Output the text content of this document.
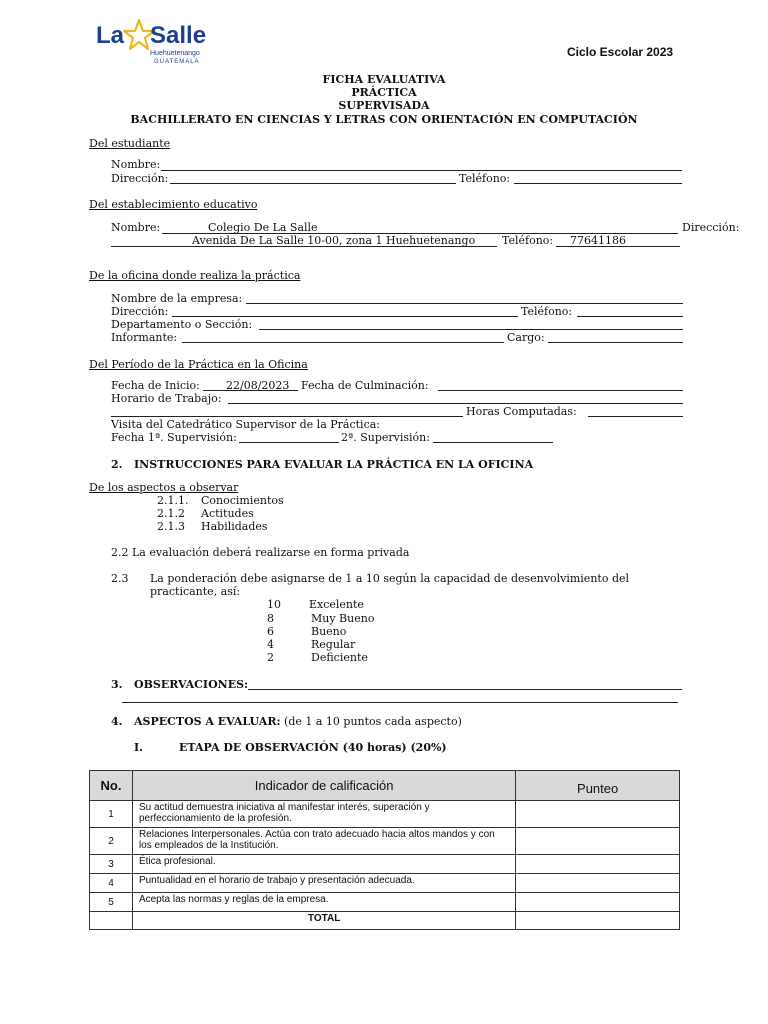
La Salle
Huehuetenango
GUATEMALA
Ciclo Escolar 2023
FICHA EVALUATIVA
PRÁCTICA
SUPERVISADA
BACHILLERATO EN CIENCIAS Y LETRAS CON ORIENTACIÓN EN COMPUTACIÓN
Del estudiante
Nombre:
Dirección:	Teléfono:
Del establecimiento educativo
Nombre:	Colegio De La Salle	Dirección:
Avenida De La Salle 10-00, zona 1 Huehuetenango Teléfono: 77641186
De la oficina donde realiza la práctica
Nombre de la empresa:
Dirección:	Teléfono:
Departamento o Sección:
Informante:	Cargo:
Del Período de la Práctica en la Oficina
Fecha de Inicio: 22/08/2023 Fecha de Culminación:
Horario de Trabajo:
Horas Computadas:
Visita del Catedrático Supervisor de la Práctica:
Fecha 1ª. Supervisión:	2ª. Supervisión:
2. INSTRUCCIONES PARA EVALUAR LA PRÁCTICA EN LA OFICINA
De los aspectos a observar
2.1.1. Conocimientos
2.1.2 Actitudes
2.1.3 Habilidades
2.2 La evaluación deberá realizarse en forma privada
2.3 La ponderación debe asignarse de 1 a 10 según la capacidad de desenvolvimiento del
practicante, así:
10	Excelente
8	Muy Bueno
6	Bueno
4	Regular
2	Deficiente
3. OBSERVACIONES:
4. ASPECTOS A EVALUAR: (de 1 a 10 puntos cada aspecto)
I.	ETAPA DE OBSERVACIÓN (40 horas) (20%)
No.	Indicador de calificación	Punteo
1	Su actitud demuestra iniciativa al manifestar interés, superación y perfeccionamiento de la profesión.	
2	Relaciones Interpersonales. Actúa con trato adecuado hacia altos mandos y con los empleados de la Institución.	
3	Ética profesional.	
4	Puntualidad en el horario de trabajo y presentación adecuada.	
5	Acepta las normas y reglas de la empresa.	
	TOTAL	
